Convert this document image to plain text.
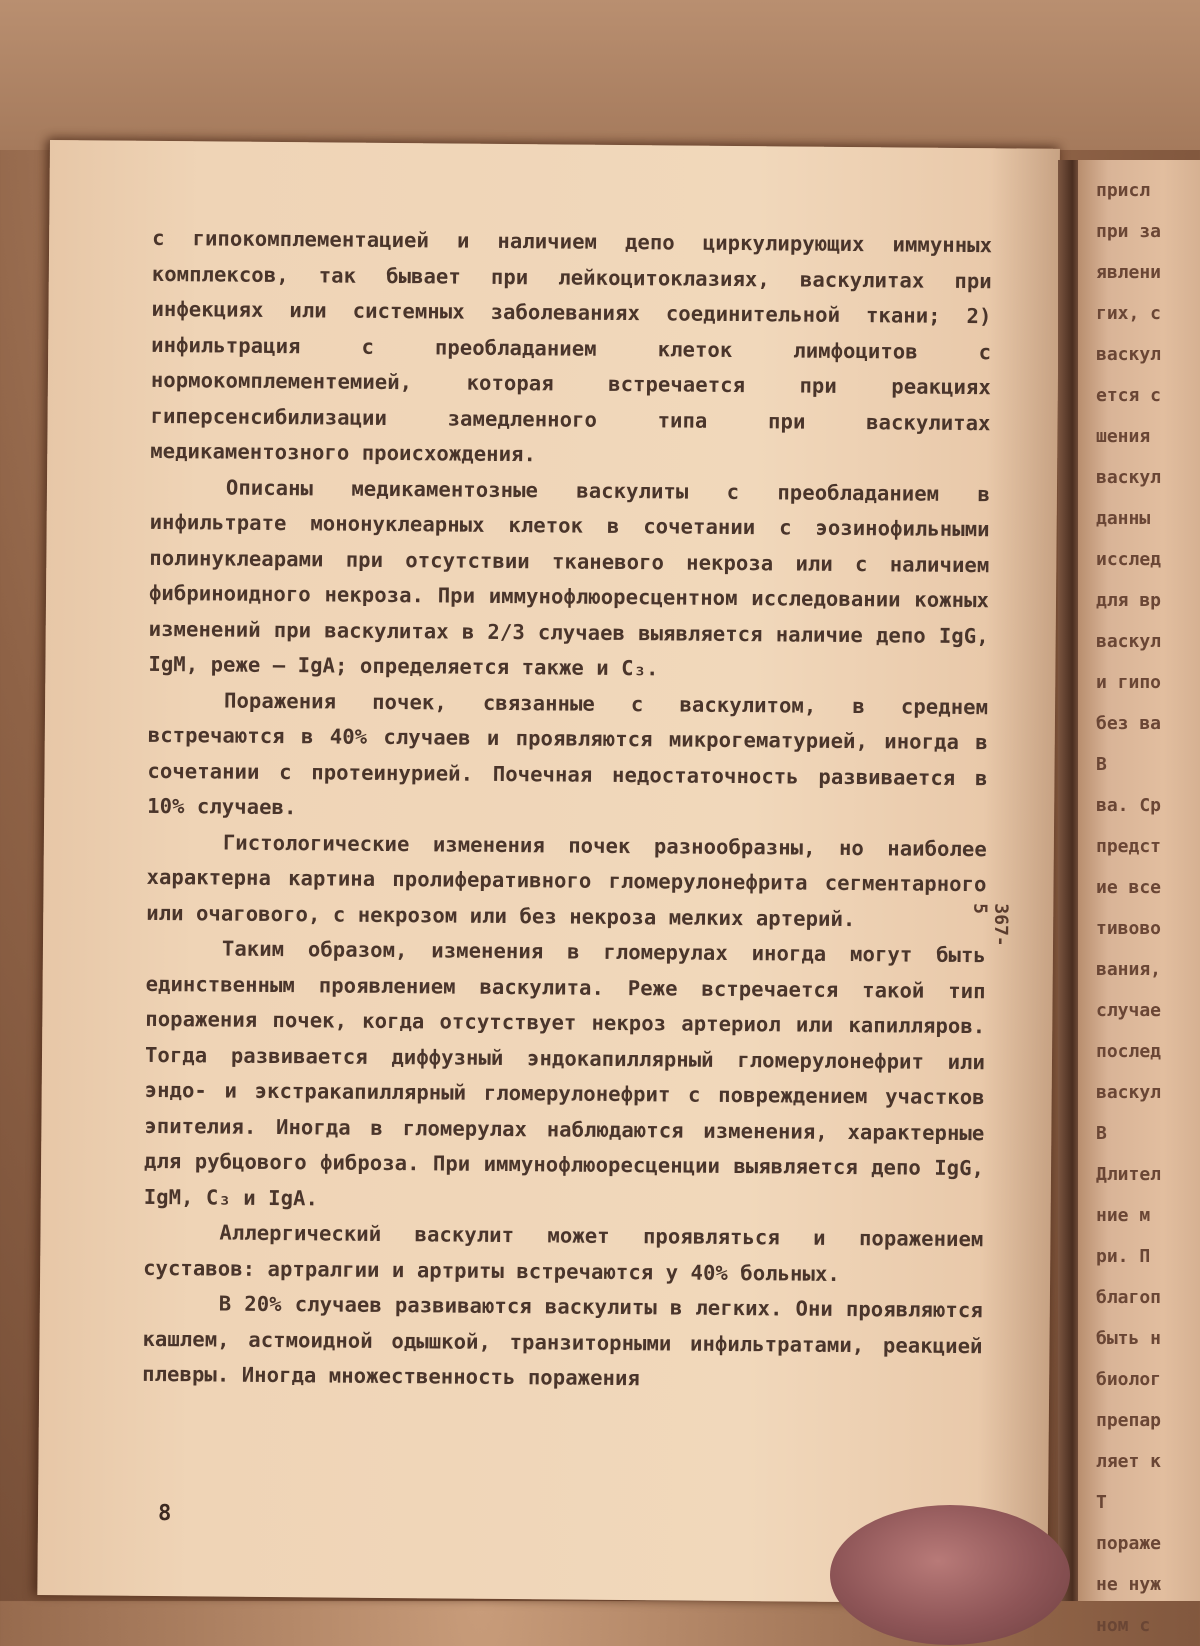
с гипокомплементацией и наличием депо циркулирующих иммунных комплексов, так бывает при лейкоцитоклазиях, васкулитах при инфекциях или системных заболеваниях соединительной ткани; 2) инфильтрация с преобладанием клеток лимфоцитов с нормокомплементемией, которая встречается при реакциях гиперсенсибилизации замедленного типа при васкулитах медикаментозного происхождения.

Описаны медикаментозные васкулиты с преобладанием в инфильтрате мононуклеарных клеток в сочетании с эозинофильными полинуклеарами при отсутствии тканевого некроза или с наличием фибриноидного некроза. При иммунофлюоресцентном исследовании кожных изменений при васкулитах в 2/3 случаев выявляется наличие депо IgG, IgM, реже – IgA; определяется также и C₃.

Поражения почек, связанные с васкулитом, в среднем встречаются в 40% случаев и проявляются микрогематурией, иногда в сочетании с протеинурией. Почечная недостаточность развивается в 10% случаев.

Гистологические изменения почек разнообразны, но наиболее характерна картина пролиферативного гломерулонефрита сегментарного или очагового, с некрозом или без некроза мелких артерий.

Таким образом, изменения в гломерулах иногда могут быть единственным проявлением васкулита. Реже встречается такой тип поражения почек, когда отсутствует некроз артериол или капилляров. Тогда развивается диффузный эндокапиллярный гломерулонефрит или эндо- и экстракапиллярный гломерулонефрит с повреждением участков эпителия. Иногда в гломерулах наблюдаются изменения, характерные для рубцового фиброза. При иммунофлюоресценции выявляется депо IgG, IgM, C₃ и IgA.

Аллергический васкулит может проявляться и поражением суставов: артралгии и артриты встречаются у 40% больных.

В 20% случаев развиваются васкулиты в легких. Они проявляются кашлем, астмоидной одышкой, транзиторными инфильтратами, реакцией плевры. Иногда множественность поражения

8
367-5
присл
при за
явлени
гих, с
васкул
ется с
шения
васкул
данны
исслед
для вр
васкул
и гипо
без ва
В
ва. Ср
предст
ие все
тивово
вания,
случае
послед
васкул
В
Длител
ние м
ри. П
благоп
быть н
биолог
препар
ляет к
Т
пораже
не нуж
ном с
